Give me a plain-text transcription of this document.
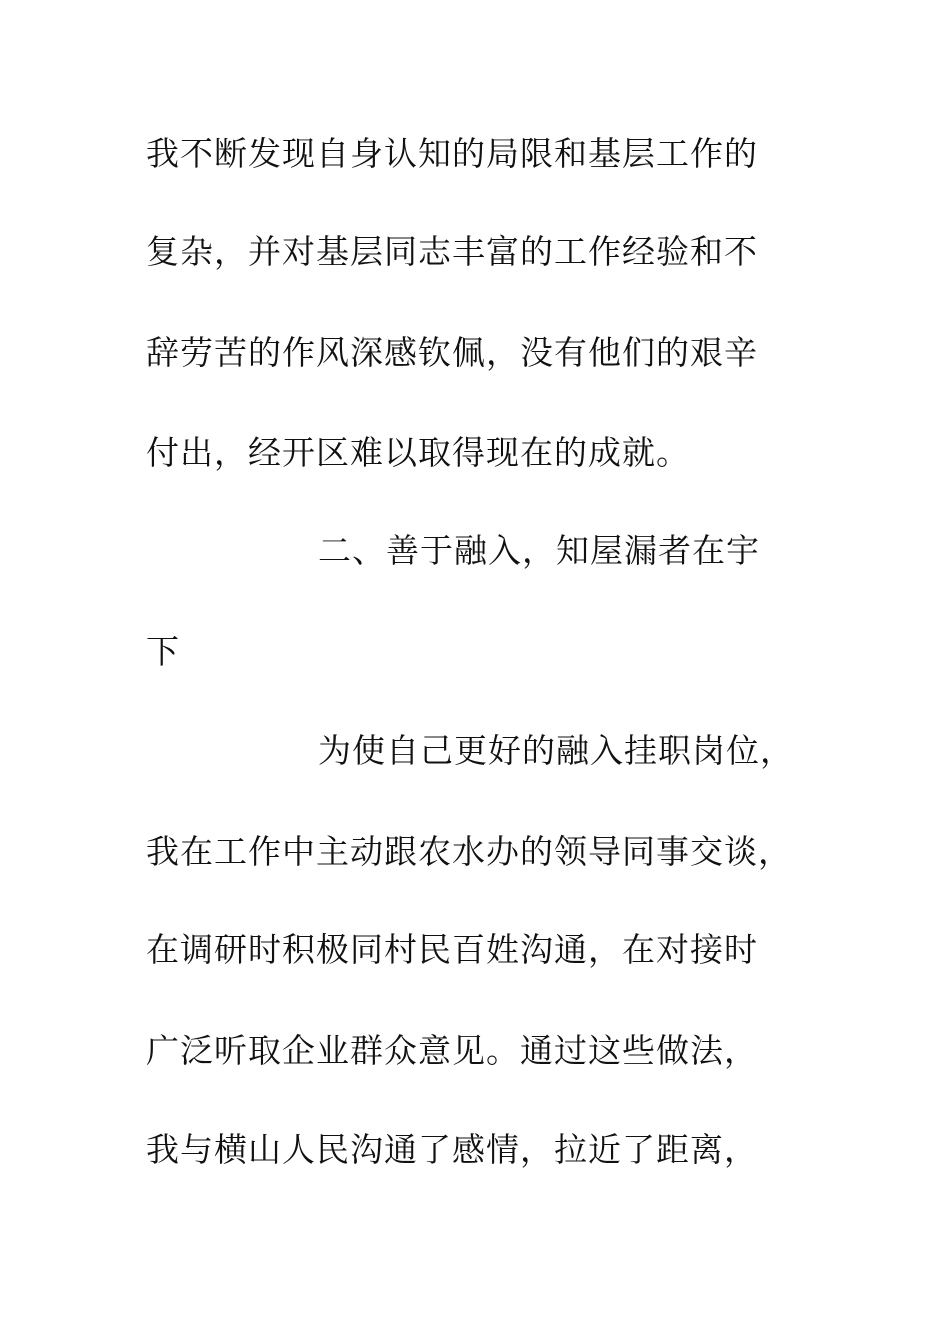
我不断发现自身认知的局限和基层工作的
复杂，并对基层同志丰富的工作经验和不
辞劳苦的作风深感钦佩，没有他们的艰辛
付出，经开区难以取得现在的成就。
二、善于融入，知屋漏者在宇
下
为使自己更好的融入挂职岗位，
我在工作中主动跟农水办的领导同事交谈，
在调研时积极同村民百姓沟通，在对接时
广泛听取企业群众意见。通过这些做法，
我与横山人民沟通了感情，拉近了距离，
